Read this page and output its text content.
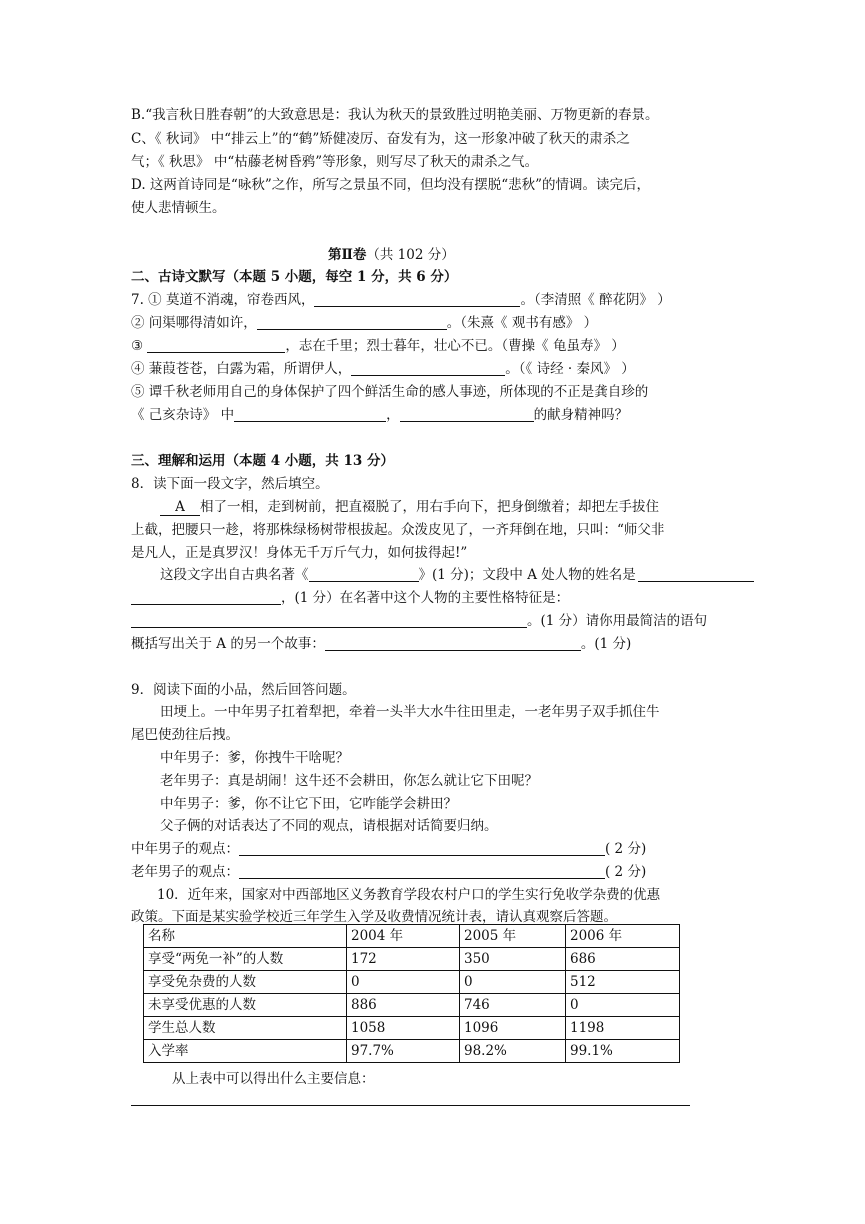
B.“我言秋日胜春朝”的大致意思是：我认为秋天的景致胜过明艳美丽、万物更新的春景。
C、《 秋词》 中“排云上”的“鹤”矫健凌厉、奋发有为，这一形象冲破了秋天的肃杀之
气；《 秋思》 中“枯藤老树昏鸦”等形象，则写尽了秋天的肃杀之气。
D. 这两首诗同是“咏秋”之作，所写之景虽不同，但均没有摆脱“悲秋”的情调。读完后，
使人悲情顿生。
第Ⅱ卷（共 102 分）
二、古诗文默写（本题 5 小题，每空 1 分，共 6 分）
7. ① 莫道不消魂，帘卷西风，	。（李清照《 醉花阴》 ）
② 问渠哪得清如许，	。（朱熹《 观书有感》 ）
③	，志在千里；烈士暮年，壮心不已。（曹操《 龟虽寿》 ）
④ 蒹葭苍苍，白露为霜，所谓伊人，	。（《 诗经 · 秦风》 ）
⑤ 谭千秋老师用自己的身体保护了四个鲜活生命的感人事迹，所体现的不正是龚自珍的
《 己亥杂诗》 中	，	的献身精神吗？
三、理解和运用（本题 4 小题，共 13 分）
8．读下面一段文字，然后填空。
A 相了一相，走到树前，把直裰脱了，用右手向下，把身倒缴着；却把左手拔住
上截，把腰只一趁，将那株绿杨树带根拔起。众泼皮见了，一齐拜倒在地，只叫：“师父非
是凡人，正是真罗汉！身体无千万斤气力，如何拔得起!”
这段文字出自古典名著《	》(1 分)；文段中 A 处人物的姓名是
，(1 分）在名著中这个人物的主要性格特征是：
。(1 分）请你用最简洁的语句
概括写出关于 A 的另一个故事：	。(1 分)
9．阅读下面的小品，然后回答问题。
田埂上。一中年男子扛着犁把，牵着一头半大水牛往田里走，一老年男子双手抓住牛
尾巴使劲往后拽。
中年男子：爹，你拽牛干啥呢？
老年男子：真是胡闹！这牛还不会耕田，你怎么就让它下田呢？
中年男子：爹，你不让它下田，它咋能学会耕田？
父子俩的对话表达了不同的观点，请根据对话简要归纳。
中年男子的观点：	( 2 分)
老年男子的观点：	( 2 分)
10．近年来，国家对中西部地区义务教育学段农村户口的学生实行免收学杂费的优惠
政策。下面是某实验学校近三年学生入学及收费情况统计表，请认真观察后答题。
名称	2004 年	2005 年	2006 年
享受“两免一补”的人数	172	350	686
享受免杂费的人数	0	0	512
未享受优惠的人数	886	746	0
学生总人数	1058	1096	1198
入学率	97.7%	98.2%	99.1%
从上表中可以得出什么主要信息：
